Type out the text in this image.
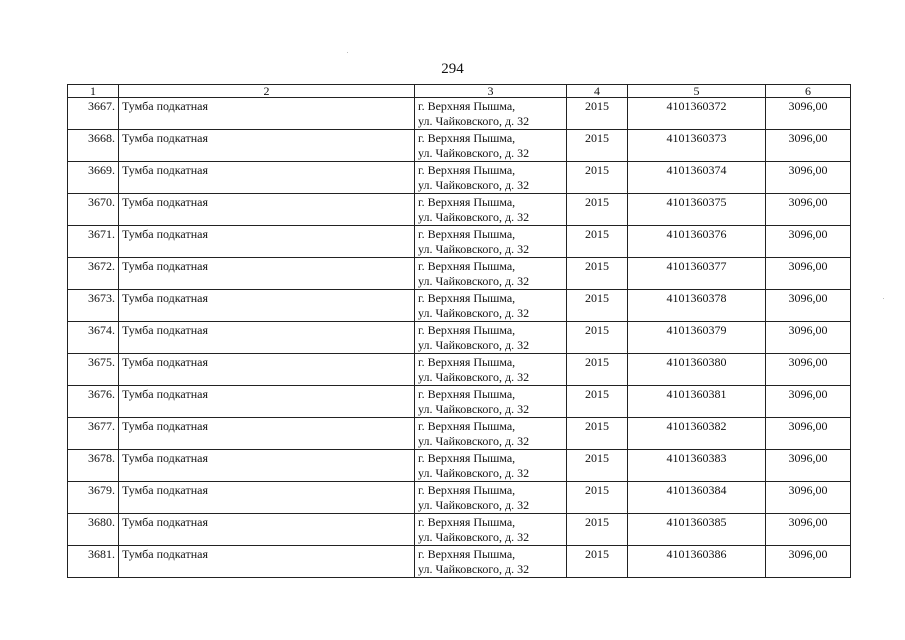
294
1	2	3	4	5	6
3667.	Тумба подкатная	г. Верхняя Пышма,
ул. Чайковского, д. 32	2015	4101360372	3096,00
3668.	Тумба подкатная	г. Верхняя Пышма,
ул. Чайковского, д. 32	2015	4101360373	3096,00
3669.	Тумба подкатная	г. Верхняя Пышма,
ул. Чайковского, д. 32	2015	4101360374	3096,00
3670.	Тумба подкатная	г. Верхняя Пышма,
ул. Чайковского, д. 32	2015	4101360375	3096,00
3671.	Тумба подкатная	г. Верхняя Пышма,
ул. Чайковского, д. 32	2015	4101360376	3096,00
3672.	Тумба подкатная	г. Верхняя Пышма,
ул. Чайковского, д. 32	2015	4101360377	3096,00
3673.	Тумба подкатная	г. Верхняя Пышма,
ул. Чайковского, д. 32	2015	4101360378	3096,00
3674.	Тумба подкатная	г. Верхняя Пышма,
ул. Чайковского, д. 32	2015	4101360379	3096,00
3675.	Тумба подкатная	г. Верхняя Пышма,
ул. Чайковского, д. 32	2015	4101360380	3096,00
3676.	Тумба подкатная	г. Верхняя Пышма,
ул. Чайковского, д. 32	2015	4101360381	3096,00
3677.	Тумба подкатная	г. Верхняя Пышма,
ул. Чайковского, д. 32	2015	4101360382	3096,00
3678.	Тумба подкатная	г. Верхняя Пышма,
ул. Чайковского, д. 32	2015	4101360383	3096,00
3679.	Тумба подкатная	г. Верхняя Пышма,
ул. Чайковского, д. 32	2015	4101360384	3096,00
3680.	Тумба подкатная	г. Верхняя Пышма,
ул. Чайковского, д. 32	2015	4101360385	3096,00
3681.	Тумба подкатная	г. Верхняя Пышма,
ул. Чайковского, д. 32	2015	4101360386	3096,00
